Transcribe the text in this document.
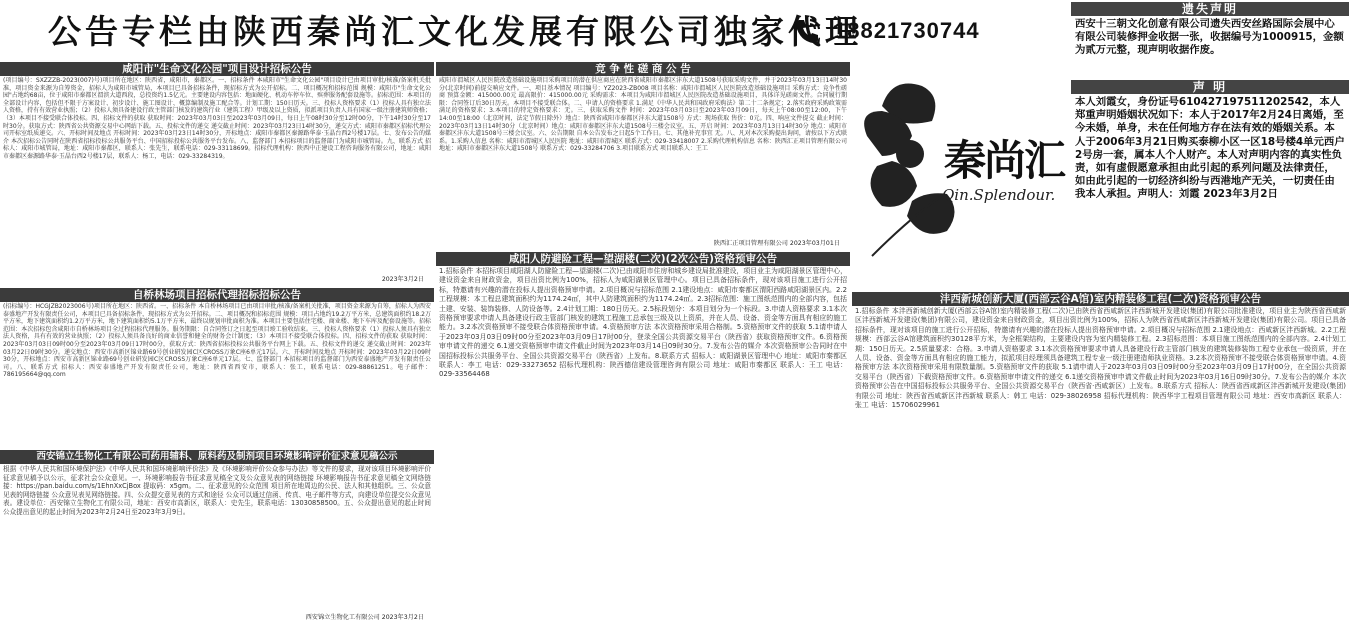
公告专栏由陕西秦尚汇文化发展有限公司独家代理
18821730744
遗失声明
西安十三朝文化创意有限公司遗失西安丝路国际会展中心有限公司装修押金收据一张，收据编号为1000915，金额为贰万元整，现声明收据作废。
声 明
本人刘霞女，身份证号610427197511202542，本人郑重声明婚姻状况如下：本人于2017年2月24日离婚，至今未婚，单身，未在任何地方存在法有效的婚姻关系。本人于2006年3月21日购买泰柳小区一区18号楼4单元西户2号房一套，属本人个人财产。本人对声明内容的真实性负责，如有虚假愿意承担由此引起的系列问题及法律责任，如由此引起的一切经济纠纷与西港地产无关，一切责任由我本人承担。声明人：刘霞 2023年3月2日
咸阳市"生命文化公园"项目设计招标公告
(项目编号：SXZZZB-2023(007)号)项目所在地区：陕西省，咸阳市，秦都区。一、招标条件 本咸阳市"生命文化公园"项目设计已由项目审批/核准/备案机关批准，项目资金来源为自筹资金，招标人为咸阳市城管局，本项目已具备招标条件，现招标方式为公开招标。二、项目概况和招标范围 规模：咸阳市"生命文化公园"占地约68亩，位于咸阳市秦都区渭滨大道西段，总投资约1.5亿元。主要建设内容包括：地面硬化、机动车停车位、殡葬服务配套设施等。招标范围：本项目的全部设计内容，包括但不限于方案设计、初步设计、施工图设计、概算编制及施工配合等。计划工期：150日历天。三、投标人资格要求（1）投标人具有独立法人资格，持有有效营业执照；（2）投标人须具备建设行政主管部门核发的建筑行业（建筑工程）甲级及以上资质，拟派项目负责人具有国家一级注册建筑师资格；（3）本项目不接受联合体投标。四、招标文件的获取 获取时间：2023年03月03日至2023年03月09日，每日上午08时30分至12时00分，下午14时30分至17时30分。获取方式：陕西省公共资源交易中心网站下载。五、投标文件的递交 递交截止时间：2023年03月23日14时30分，递交方式：咸阳市秦都区招标代理公司开标室纸质递交。六、开标时间及地点 开标时间：2023年03月23日14时30分，开标地点：咸阳市秦都区秦源路华泰·玉晶台西2号楼17层。七、发布公告的媒介 本次招标公告同时在陕西省招标投标公共服务平台、中国招标投标公共服务平台发布。八、监督部门 本招标项目的监督部门为咸阳市城管局。九、联系方式 招标人：咸阳市城管局，地址：咸阳市秦都区，联系人：张先生，联系电话：029-33118699。招标代理机构：陕西中正建设工程咨询服务有限公司，地址：咸阳市秦都区秦源路华泰·玉晶台西2号楼17层，联系人：杨工，电话：029-33284319。
2023年3月2日
自桥林场项目招标代理招标招标公告
(招标编号：HCGJZB2023006号)项目所在地区：陕西省。一、招标条件 本自桥林场项目已由项目审批/核准/备案机关批准，项目资金来源为自筹，招标人为西安泰盛地产开发有限责任公司，本项目已具备招标条件，现招标方式为公开招标。二、项目概况和招标范围 规模：项目占地约19.2万平方米，总建筑面积约18.2万平方米，地下建筑面积约1.2万平方米，地下建筑面积约5.1万平方米，最终以规划审批面积为准。本项目主要包括住宅楼、商业楼、地下车库及配套设施等。招标范围：本次招标包含咸阳市自桥林场项目全过程招标代理服务。服务期限：自合同签订之日起至项目竣工验收结束。三、投标人资格要求（1）投标人须具有独立法人资格，具有有效的营业执照；（2）投标人须具备良好的商业信誉和健全的财务会计制度；（3）本项目不接受联合体投标。四、招标文件的获取 获取时间：2023年03月03日09时00分至2023年03月09日17时00分，获取方式：陕西省招标投标公共服务平台网上下载。五、投标文件的递交 递交截止时间：2023年03月22日09时30分。递交地点：西安市高新区锦业路69号创业研发园C区CROSS万象C座6单元17层。六、开标时间及地点 开标时间：2023年03月22日09时30分，开标地点：西安市高新区锦业路69号创业研发园C区CROSS万象C座6单元17层。七、监督部门 本招标项目的监督部门为西安泰盛地产开发有限责任公司。八、联系方式 招标人：西安泰盛地产开发有限责任公司，地址：陕西省西安市，联系人：张工，联系电话：029-88861251。电子邮件：786195664@qq.com
西安锦立生物化工有限公司药用辅料、原料药及制剂项目环境影响评价征求意见稿公示
根据《中华人民共和国环境保护法》《中华人民共和国环境影响评价法》及《环境影响评价公众参与办法》等文件的要求，现对该项目环境影响评价征求意见稿予以公示，征求社会公众意见。一、环境影响报告书征求意见稿全文及公众意见表的网络链接 环境影响报告书征求意见稿全文网络链接：https://pan.baidu.com/s/1EhnXxCjBox 提取码：x5gm。二、征求意见的公众范围 项目所在地周边的公民、法人和其他组织。三、公众意见表的网络链接 公众意见表见网络链接。四、公众提交意见表的方式和途径 公众可以通过信函、传真、电子邮件等方式，向建设单位提交公众意见表。建设单位：西安锦立生物化工有限公司，地址：西安市高新区，联系人：史先生，联系电话：13030858500。五、公众提出意见的起止时间 公众提出意见的起止时间为2023年2月24日至2023年3月9日。
西安锦立生物化工有限公司 2023年3月2日
竞 争 性 磋 商 公 告
咸阳市渭城区人民医院改造基础设施项目采购项目的潜在供应商应在陕西省咸阳市秦都区沣东大道1508号获取采购文件，并于2023年03月13日14时30分(北京时间)前提交响应文件。一、项目基本情况 项目编号：YZ2023-ZB008 项目名称：咸阳市渭城区人民医院改造基础设施项目 采购方式：竞争性磋商 预算金额：415000.00元 最高限价：415000.00元 采购需求：本项目为咸阳市渭城区人民医院改造基础设施项目，具体详见磋商文件。合同履行期限：合同签订后30日历天。本项目不接受联合体。二、申请人的资格要求 1.满足《中华人民共和国政府采购法》第二十二条规定；2.落实政府采购政策需满足的资格要求；3.本项目的特定资格要求：无。三、获取采购文件 时间：2023年03月03日至2023年03月09日，每天上午08:00至12:00，下午14:00至18:00（北京时间，法定节假日除外）地点：陕西省咸阳市秦都区沣东大道1508号 方式：现场获取 售价：0元。四、响应文件提交 截止时间：2023年03月13日14时30分（北京时间）地点：咸阳市秦都区沣东大道1508号三楼会议室。五、开启 时间：2023年03月13日14时30分 地点：咸阳市秦都区沣东大道1508号三楼会议室。六、公告期限 自本公告发布之日起5个工作日。七、其他补充事宜 无。八、凡对本次采购提出询问，请按以下方式联系。1.采购人信息 名称：咸阳市渭城区人民医院 地址：咸阳市渭城区 联系方式：029-33418007 2.采购代理机构信息 名称：陕西汇正项目管理有限公司 地址：咸阳市秦都区沣东大道1508号 联系方式：029-33284706 3.项目联系方式 项目联系人：王工
陕西汇正项目管理有限公司 2023年03月01日
秦尚汇
Qin.Splendour.
咸阳人防避险工程—望湖楼(二次)(2次公告)资格预审公告
1.招标条件 本招标项目咸阳湖人防避险工程—望湖楼(二次)已由咸阳市住房和城乡建设局批准建设，项目业主为咸阳湖景区管理中心，建设资金来自财政资金，项目出资比例为100%，招标人为咸阳湖景区管理中心。项目已具备招标条件，现对该项目施工进行公开招标，特邀请有兴趣的潜在投标人提出资格预审申请。2.项目概况与招标范围 2.1建设地点：咸阳市秦都区渭阳西路咸阳湖景区内。2.2工程规模：本工程总建筑面积约为1174.24㎡，其中人防建筑面积约为1174.24㎡。2.3招标范围：施工图纸范围内的全部内容，包括土建、安装、装饰装修、人防设备等。2.4计划工期：180日历天。2.5标段划分：本项目划分为一个标段。3.申请人资格要求 3.1本次资格预审要求申请人具备建设行政主管部门核发的建筑工程施工总承包三级及以上资质，并在人员、设备、资金等方面具有相应的施工能力。3.2本次资格预审不接受联合体资格预审申请。4.资格预审方法 本次资格预审采用合格制。5.资格预审文件的获取 5.1请申请人于2023年03月03日09时00分至2023年03月09日17时00分，登录全国公共资源交易平台（陕西省）获取资格预审文件。6.资格预审申请文件的递交 6.1递交资格预审申请文件截止时间为2023年03月14日09时30分。7.发布公告的媒介 本次资格预审公告同时在中国招标投标公共服务平台、全国公共资源交易平台（陕西省）上发布。8.联系方式 招标人：咸阳湖景区管理中心 地址：咸阳市秦都区 联系人：李工 电话：029-33273652 招标代理机构：陕西德信建设管理咨询有限公司 地址：咸阳市秦都区 联系人：王工 电话：029-33564468
沣西新城创新大厦(西部云谷A馆)室内精装修工程(二次)资格预审公告
1.招标条件 本沣西新城创新大厦(西部云谷A馆)室内精装修工程(二次)已由陕西省西咸新区沣西新城开发建设(集团)有限公司批准建设，项目业主为陕西省西咸新区沣西新城开发建设(集团)有限公司，建设资金来自财政资金，项目出资比例为100%，招标人为陕西省西咸新区沣西新城开发建设(集团)有限公司。项目已具备招标条件，现对该项目的施工进行公开招标，特邀请有兴趣的潜在投标人提出资格预审申请。2.项目概况与招标范围 2.1建设地点：西咸新区沣西新城。2.2工程规模：西部云谷A馆建筑面积约30128平方米，为全框架结构，主要建设内容为室内精装修工程。2.3招标范围：本项目施工图纸范围内的全部内容。2.4计划工期：150日历天。2.5质量要求：合格。3.申请人资格要求 3.1本次资格预审要求申请人具备建设行政主管部门核发的建筑装修装饰工程专业承包一级资质，并在人员、设备、资金等方面具有相应的施工能力，拟派项目经理须具备建筑工程专业一级注册建造师执业资格。3.2本次资格预审不接受联合体资格预审申请。4.资格预审方法 本次资格预审采用有限数量制。5.资格预审文件的获取 5.1请申请人于2023年03月03日09时00分至2023年03月09日17时00分，在全国公共资源交易平台（陕西省）下载资格预审文件。6.资格预审申请文件的递交 6.1递交资格预审申请文件截止时间为2023年03月16日09时30分。7.发布公告的媒介 本次资格预审公告在中国招标投标公共服务平台、全国公共资源交易平台（陕西省·西咸新区）上发布。8.联系方式 招标人：陕西省西咸新区沣西新城开发建设(集团)有限公司 地址：陕西省西咸新区沣西新城 联系人：韩工 电话：029-38026958 招标代理机构：陕西华宇工程项目管理有限公司 地址：西安市高新区 联系人：张工 电话：15706029961
